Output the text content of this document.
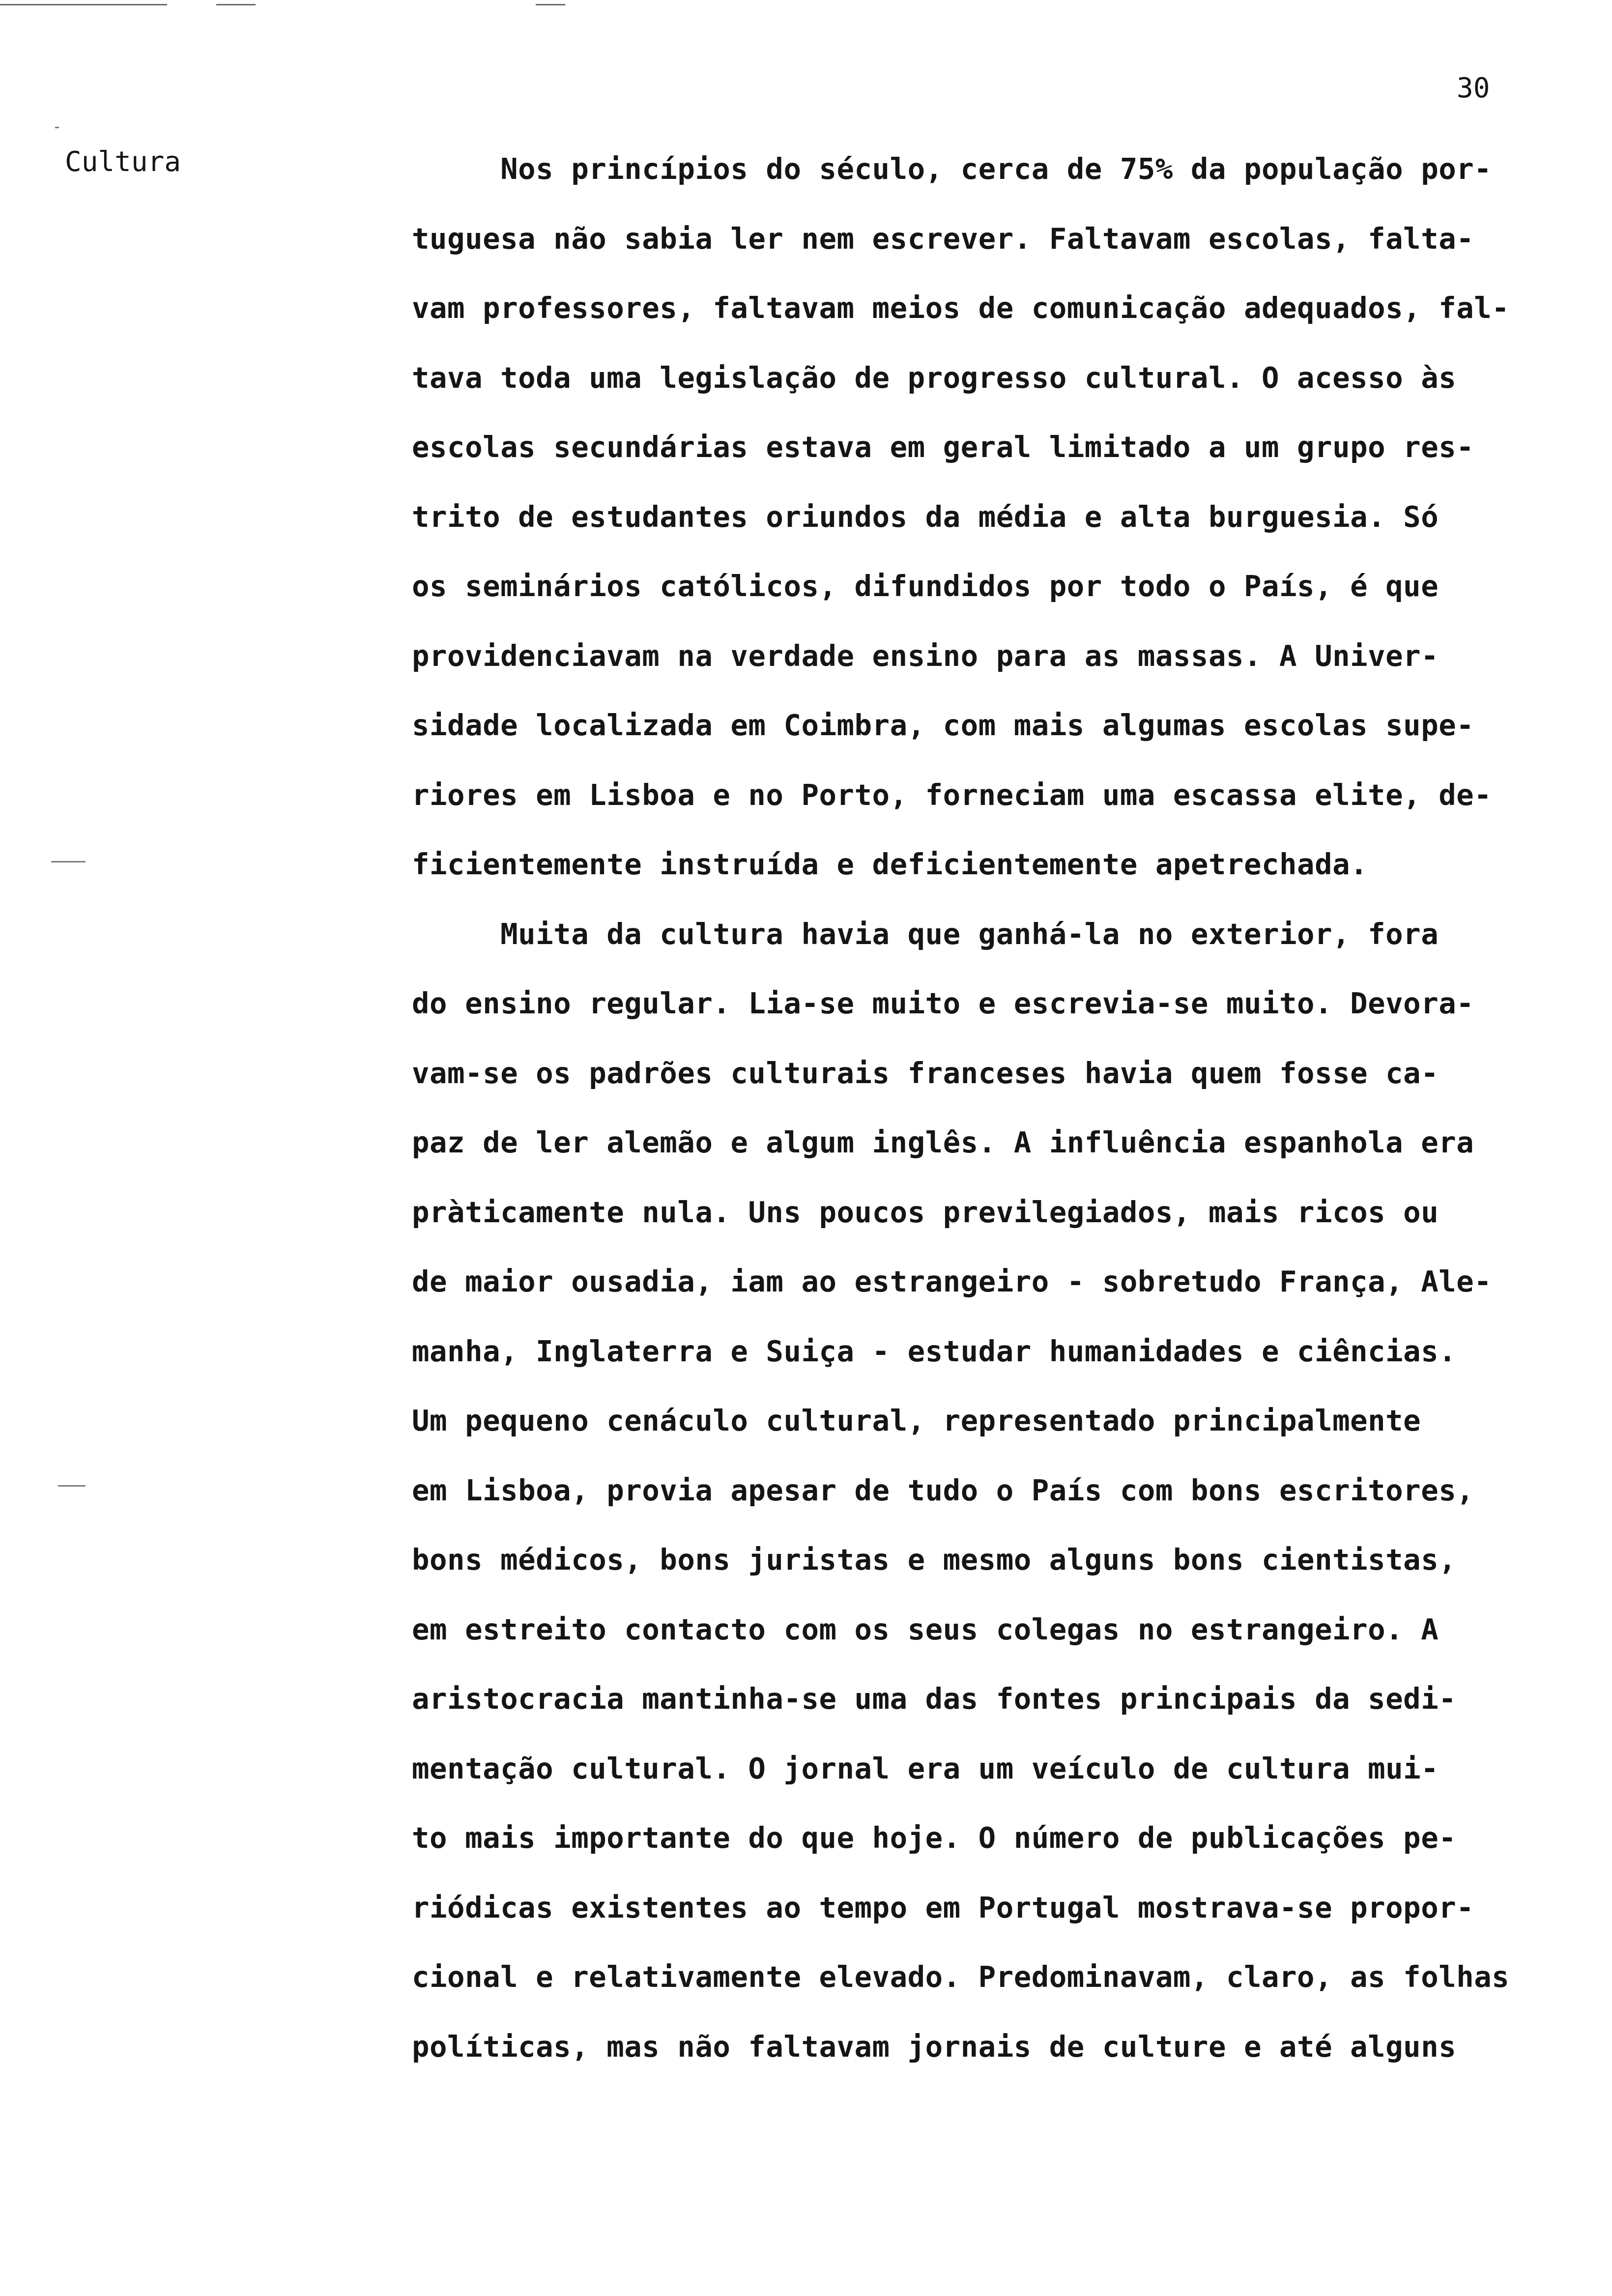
30
Cultura	Nos princípios do século, cerca de 75% da população por-
tuguesa não sabia ler nem escrever. Faltavam escolas, falta-
vam professores, faltavam meios de comunicação adequados, fal-
tava toda uma legislação de progresso cultural. O acesso às
escolas secundárias estava em geral limitado a um grupo res-
trito de estudantes oriundos da média e alta burguesia. Só
os seminários católicos, difundidos por todo o País, é que
providenciavam na verdade ensino para as massas. A Univer-
sidade localizada em Coimbra, com mais algumas escolas supe-
riores em Lisboa e no Porto, forneciam uma escassa elite, de-
ficientemente instruída e deficientemente apetrechada.
Muita da cultura havia que ganhá-la no exterior, fora
do ensino regular. Lia-se muito e escrevia-se muito. Devora-
vam-se os padrões culturais franceses havia quem fosse ca-
paz de ler alemão e algum inglês. A influência espanhola era
pràticamente nula. Uns poucos previlegiados, mais ricos ou
de maior ousadia, iam ao estrangeiro - sobretudo França, Ale-
manha, Inglaterra e Suiça - estudar humanidades e ciências.
Um pequeno cenáculo cultural, representado principalmente
em Lisboa, provia apesar de tudo o País com bons escritores,
bons médicos, bons juristas e mesmo alguns bons cientistas,
em estreito contacto com os seus colegas no estrangeiro. A
aristocracia mantinha-se uma das fontes principais da sedi-
mentação cultural. O jornal era um veículo de cultura mui-
to mais importante do que hoje. O número de publicações pe-
riódicas existentes ao tempo em Portugal mostrava-se propor-
cional e relativamente elevado. Predominavam, claro, as folhas
políticas, mas não faltavam jornais de culture e até alguns
